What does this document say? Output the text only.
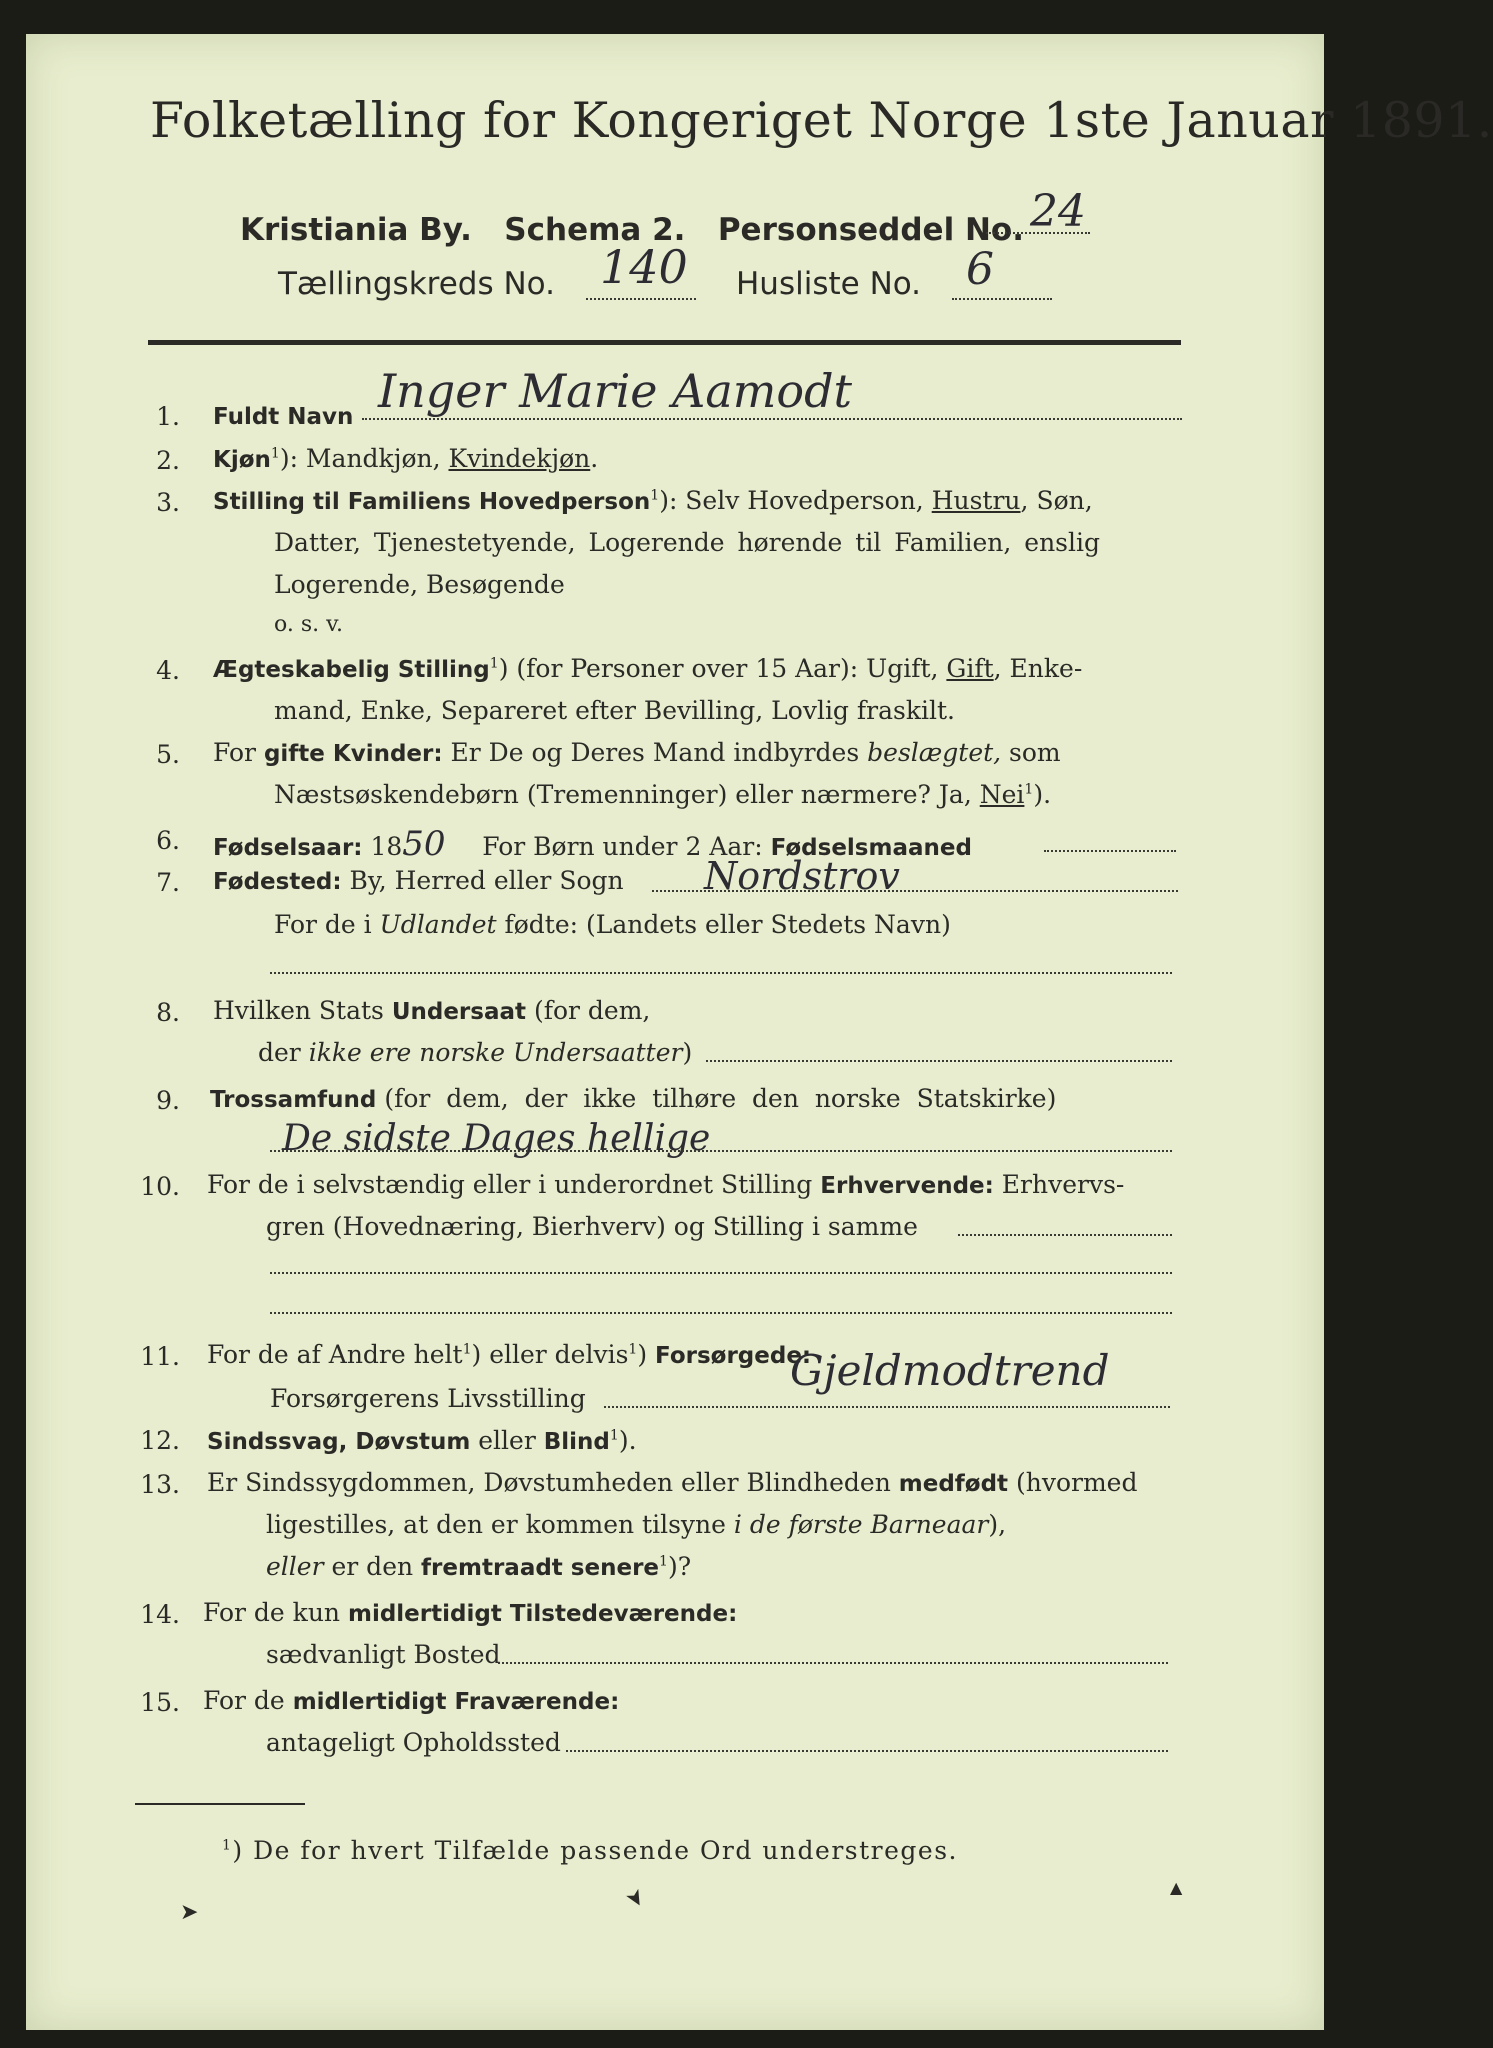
Folketælling for Kongeriget Norge 1ste Januar 1891.
Kristiania By.   Schema 2.   Personseddel No. 24
Tællingskreds No. 140 Husliste No. 6
1. Fuldt Navn Inger Marie Aamodt
2. Kjøn$^1$): Mandkjøn, Kvindekjøn.
3. Stilling til Familiens Hovedperson$^1$): Selv Hovedperson, Hustru, Søn,
Datter, Tjenestetyende, Logerende hørende til Familien, enslig
Logerende, Besøgende
o. s. v.
4. Ægteskabelig Stilling$^1$) (for Personer over 15 Aar): Ugift, Gift, Enke-
mand, Enke, Separeret efter Bevilling, Lovlig fraskilt.
5. For gifte Kvinder: Er De og Deres Mand indbyrdes beslægtet, som
Næstsøskendebørn (Tremenninger) eller nærmere? Ja, Nei$^1$).
6. Fødselsaar: 1850 For Børn under 2 Aar: Fødselsmaaned
7. Fødested: By, Herred eller Sogn Nordstrov
For de i Udlandet fødte: (Landets eller Stedets Navn)
8. Hvilken Stats Undersaat (for dem,
der ikke ere norske Undersaatter)
9. Trossamfund (for  dem,  der  ikke  tilhøre  den  norske  Statskirke)
De sidste Dages hellige
10. For de i selvstændig eller i underordnet Stilling Erhvervende: Erhvervs-
gren (Hovednæring, Bierhverv) og Stilling i samme
11. For de af Andre helt$^1$) eller delvis$^1$) Forsørgede:
Forsørgerens Livsstilling
Gjeldmodtrend
12. Sindssvag, Døvstum eller Blind$^1$).
13. Er Sindssygdommen, Døvstumheden eller Blindheden medfødt (hvormed
ligestilles, at den er kommen tilsyne i de første Barneaar),
eller er den fremtraadt senere$^1$)?
14. For de kun midlertidigt Tilstedeværende:
sædvanligt Bosted
15. For de midlertidigt Fraværende:
antageligt Opholdssted
$^1$) De for hvert Tilfælde passende Ord understreges.
➤	➤	▲
